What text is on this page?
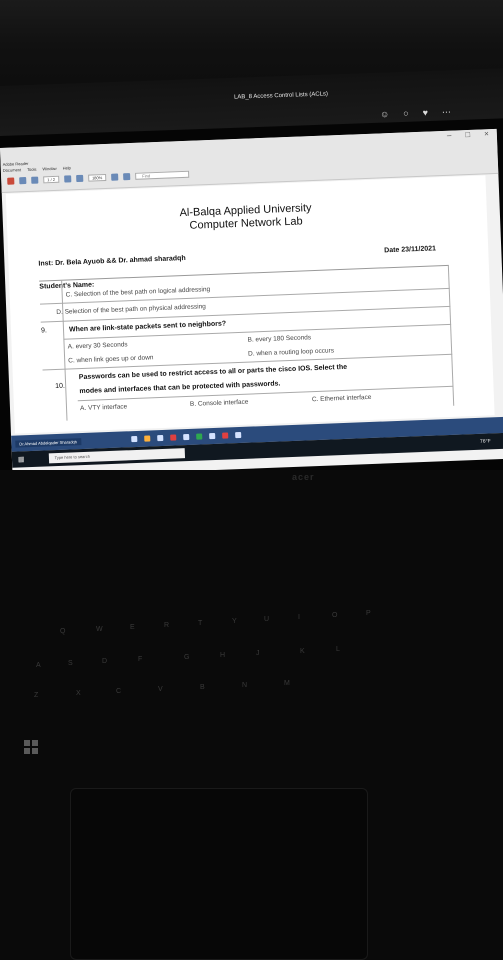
LAB_8 Access Control Lists (ACLs)
☺ ○ ♥ ⋯
Adobe Reader
Document Tools Window Help
1 / 2	180%	Find
– □ ×
Al-Balqa Applied University
Computer Network Lab
Inst: Dr. Bela Ayuob && Dr. ahmad sharadqh
Date 23/11/2021
Student's Name:
C. Selection of the best path on logical addressing
D. Selection of the best path on physical addressing
9.	When are link-state packets sent to neighbors?
A. every 30 Seconds
B. every 180 Seconds
C. when link goes up or down
D. when a routing loop occurs
10.
Passwords can be used to restrict access to all or parts the cisco IOS. Select the
modes and interfaces that can be protected with passwords.
A. VTY interface	B. Console interface
C. Ethernet interface
Dr.Ahmad Abdelqader Sharadqh
▦	Type here to search
76°F
acer
Q	W	E	R	T	Y	U	I	O	P
A	S	D	F	G	H	J	K	L
Z	X	C	V	B	N	M
